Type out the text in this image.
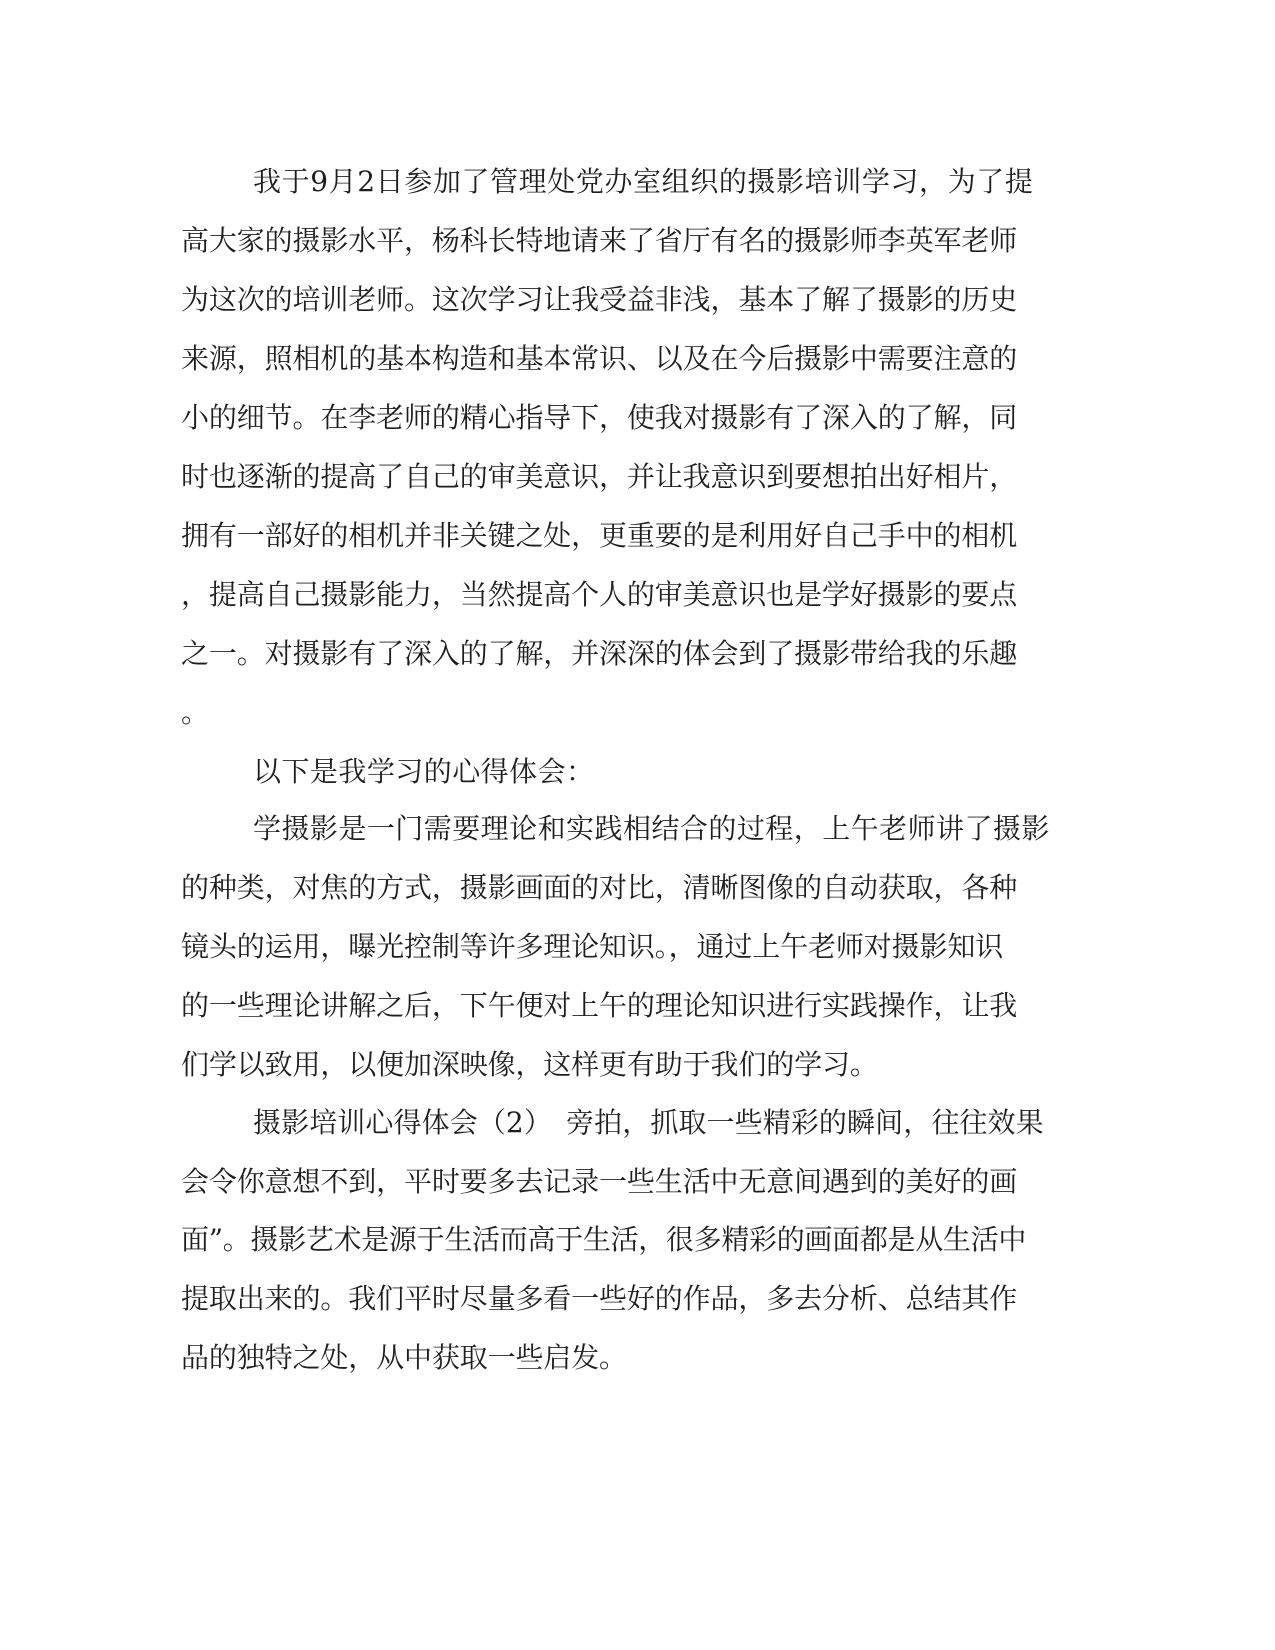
我于9月2日参加了管理处党办室组织的摄影培训学习，为了提
高大家的摄影水平，杨科长特地请来了省厅有名的摄影师李英军老师
为这次的培训老师。这次学习让我受益非浅，基本了解了摄影的历史
来源，照相机的基本构造和基本常识、以及在今后摄影中需要注意的
小的细节。在李老师的精心指导下，使我对摄影有了深入的了解，同
时也逐渐的提高了自己的审美意识，并让我意识到要想拍出好相片，
拥有一部好的相机并非关键之处，更重要的是利用好自己手中的相机
，提高自己摄影能力，当然提高个人的审美意识也是学好摄影的要点
之一。对摄影有了深入的了解，并深深的体会到了摄影带给我的乐趣
。
以下是我学习的心得体会：
学摄影是一门需要理论和实践相结合的过程，上午老师讲了摄影
的种类，对焦的方式，摄影画面的对比，清晰图像的自动获取，各种
镜头的运用，曝光控制等许多理论知识。，通过上午老师对摄影知识
的一些理论讲解之后，下午便对上午的理论知识进行实践操作，让我
们学以致用，以便加深映像，这样更有助于我们的学习。
摄影培训心得体会（2）　旁拍，抓取一些精彩的瞬间，往往效果
会令你意想不到，平时要多去记录一些生活中无意间遇到的美好的画
面”。摄影艺术是源于生活而高于生活，很多精彩的画面都是从生活中
提取出来的。我们平时尽量多看一些好的作品，多去分析、总结其作
品的独特之处，从中获取一些启发。
